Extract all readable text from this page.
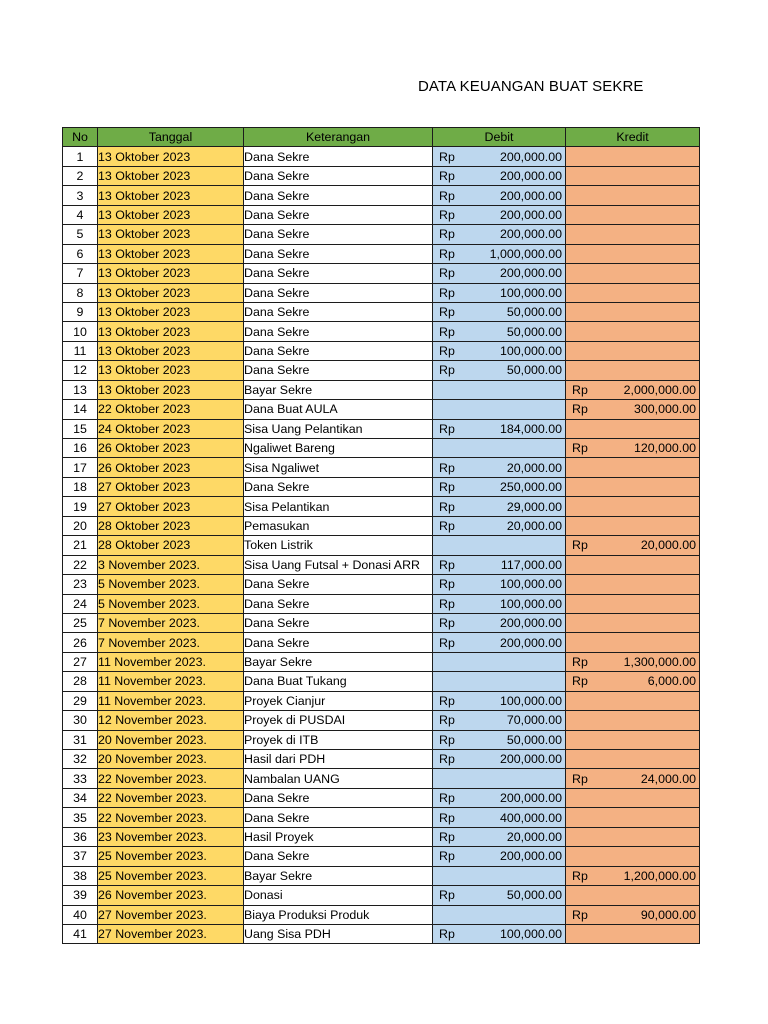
DATA KEUANGAN BUAT SEKRE
No	Tanggal	Keterangan	Debit	Kredit
1	13 Oktober 2023	Dana Sekre	Rp 200,000.00	

2	13 Oktober 2023	Dana Sekre	Rp 200,000.00	

3	13 Oktober 2023	Dana Sekre	Rp 200,000.00	

4	13 Oktober 2023	Dana Sekre	Rp 200,000.00	

5	13 Oktober 2023	Dana Sekre	Rp 200,000.00	

6	13 Oktober 2023	Dana Sekre	Rp 1,000,000.00	

7	13 Oktober 2023	Dana Sekre	Rp 200,000.00	

8	13 Oktober 2023	Dana Sekre	Rp 100,000.00	

9	13 Oktober 2023	Dana Sekre	Rp 50,000.00	

10	13 Oktober 2023	Dana Sekre	Rp 50,000.00	

11	13 Oktober 2023	Dana Sekre	Rp 100,000.00	

12	13 Oktober 2023	Dana Sekre	Rp 50,000.00	

13	13 Oktober 2023	Bayar Sekre		Rp 2,000,000.00

14	22 Oktober 2023	Dana Buat AULA		Rp 300,000.00

15	24 Oktober 2023	Sisa Uang Pelantikan	Rp 184,000.00	

16	26 Oktober 2023	Ngaliwet Bareng		Rp 120,000.00

17	26 Oktober 2023	Sisa Ngaliwet	Rp 20,000.00	

18	27 Oktober 2023	Dana Sekre	Rp 250,000.00	

19	27 Oktober 2023	Sisa Pelantikan	Rp 29,000.00	

20	28 Oktober 2023	Pemasukan	Rp 20,000.00	

21	28 Oktober 2023	Token Listrik		Rp 20,000.00

22	3 November 2023.	Sisa Uang Futsal + Donasi ARR	Rp 117,000.00	

23	5 November 2023.	Dana Sekre	Rp 100,000.00	

24	5 November 2023.	Dana Sekre	Rp 100,000.00	

25	7 November 2023.	Dana Sekre	Rp 200,000.00	

26	7 November 2023.	Dana Sekre	Rp 200,000.00	

27	11 November 2023.	Bayar Sekre		Rp 1,300,000.00

28	11 November 2023.	Dana Buat Tukang		Rp 6,000.00

29	11 November 2023.	Proyek Cianjur	Rp 100,000.00	

30	12 November 2023.	Proyek di PUSDAI	Rp 70,000.00	

31	20 November 2023.	Proyek di ITB	Rp 50,000.00	

32	20 November 2023.	Hasil dari PDH	Rp 200,000.00	

33	22 November 2023.	Nambalan UANG		Rp 24,000.00

34	22 November 2023.	Dana Sekre	Rp 200,000.00	

35	22 November 2023.	Dana Sekre	Rp 400,000.00	

36	23 November 2023.	Hasil Proyek	Rp 20,000.00	

37	25 November 2023.	Dana Sekre	Rp 200,000.00	

38	25 November 2023.	Bayar Sekre		Rp 1,200,000.00

39	26 November 2023.	Donasi	Rp 50,000.00	

40	27 November 2023.	Biaya Produksi Produk		Rp 90,000.00

41	27 November 2023.	Uang Sisa PDH	Rp 100,000.00	
